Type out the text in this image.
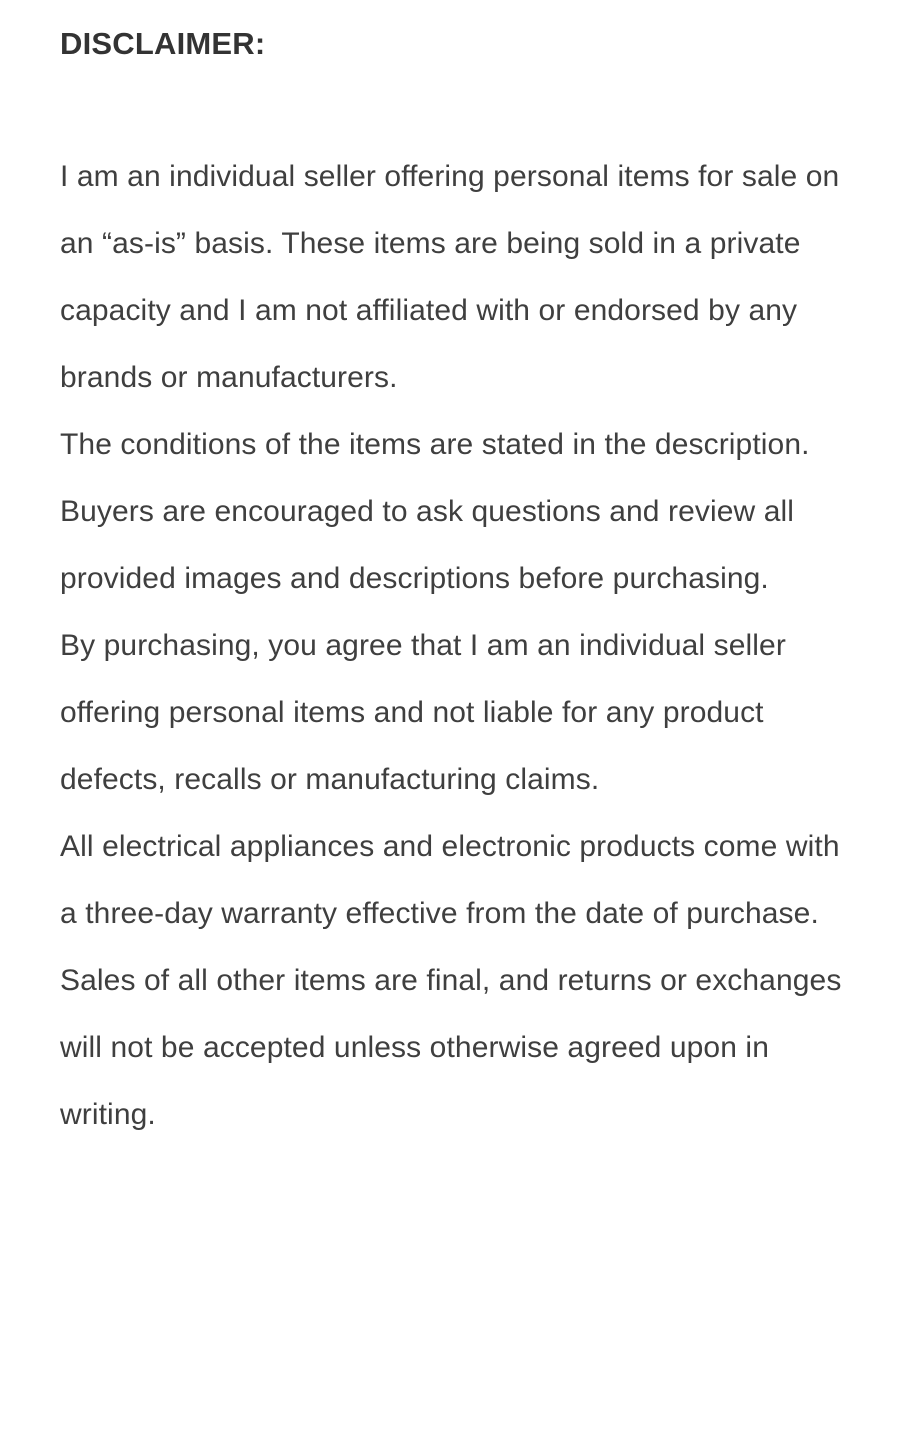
DISCLAIMER:

I am an individual seller offering personal items for sale on an “as-is” basis. These items are being sold in a private capacity and I am not affiliated with or endorsed by any brands or manufacturers.

The conditions of the items are stated in the description. Buyers are encouraged to ask questions and review all provided images and descriptions before purchasing.

By purchasing, you agree that I am an individual seller offering personal items and not liable for any product defects, recalls or manufacturing claims.

All electrical appliances and electronic products come with a three-day warranty effective from the date of purchase. Sales of all other items are final, and returns or exchanges will not be accepted unless otherwise agreed upon in writing.
